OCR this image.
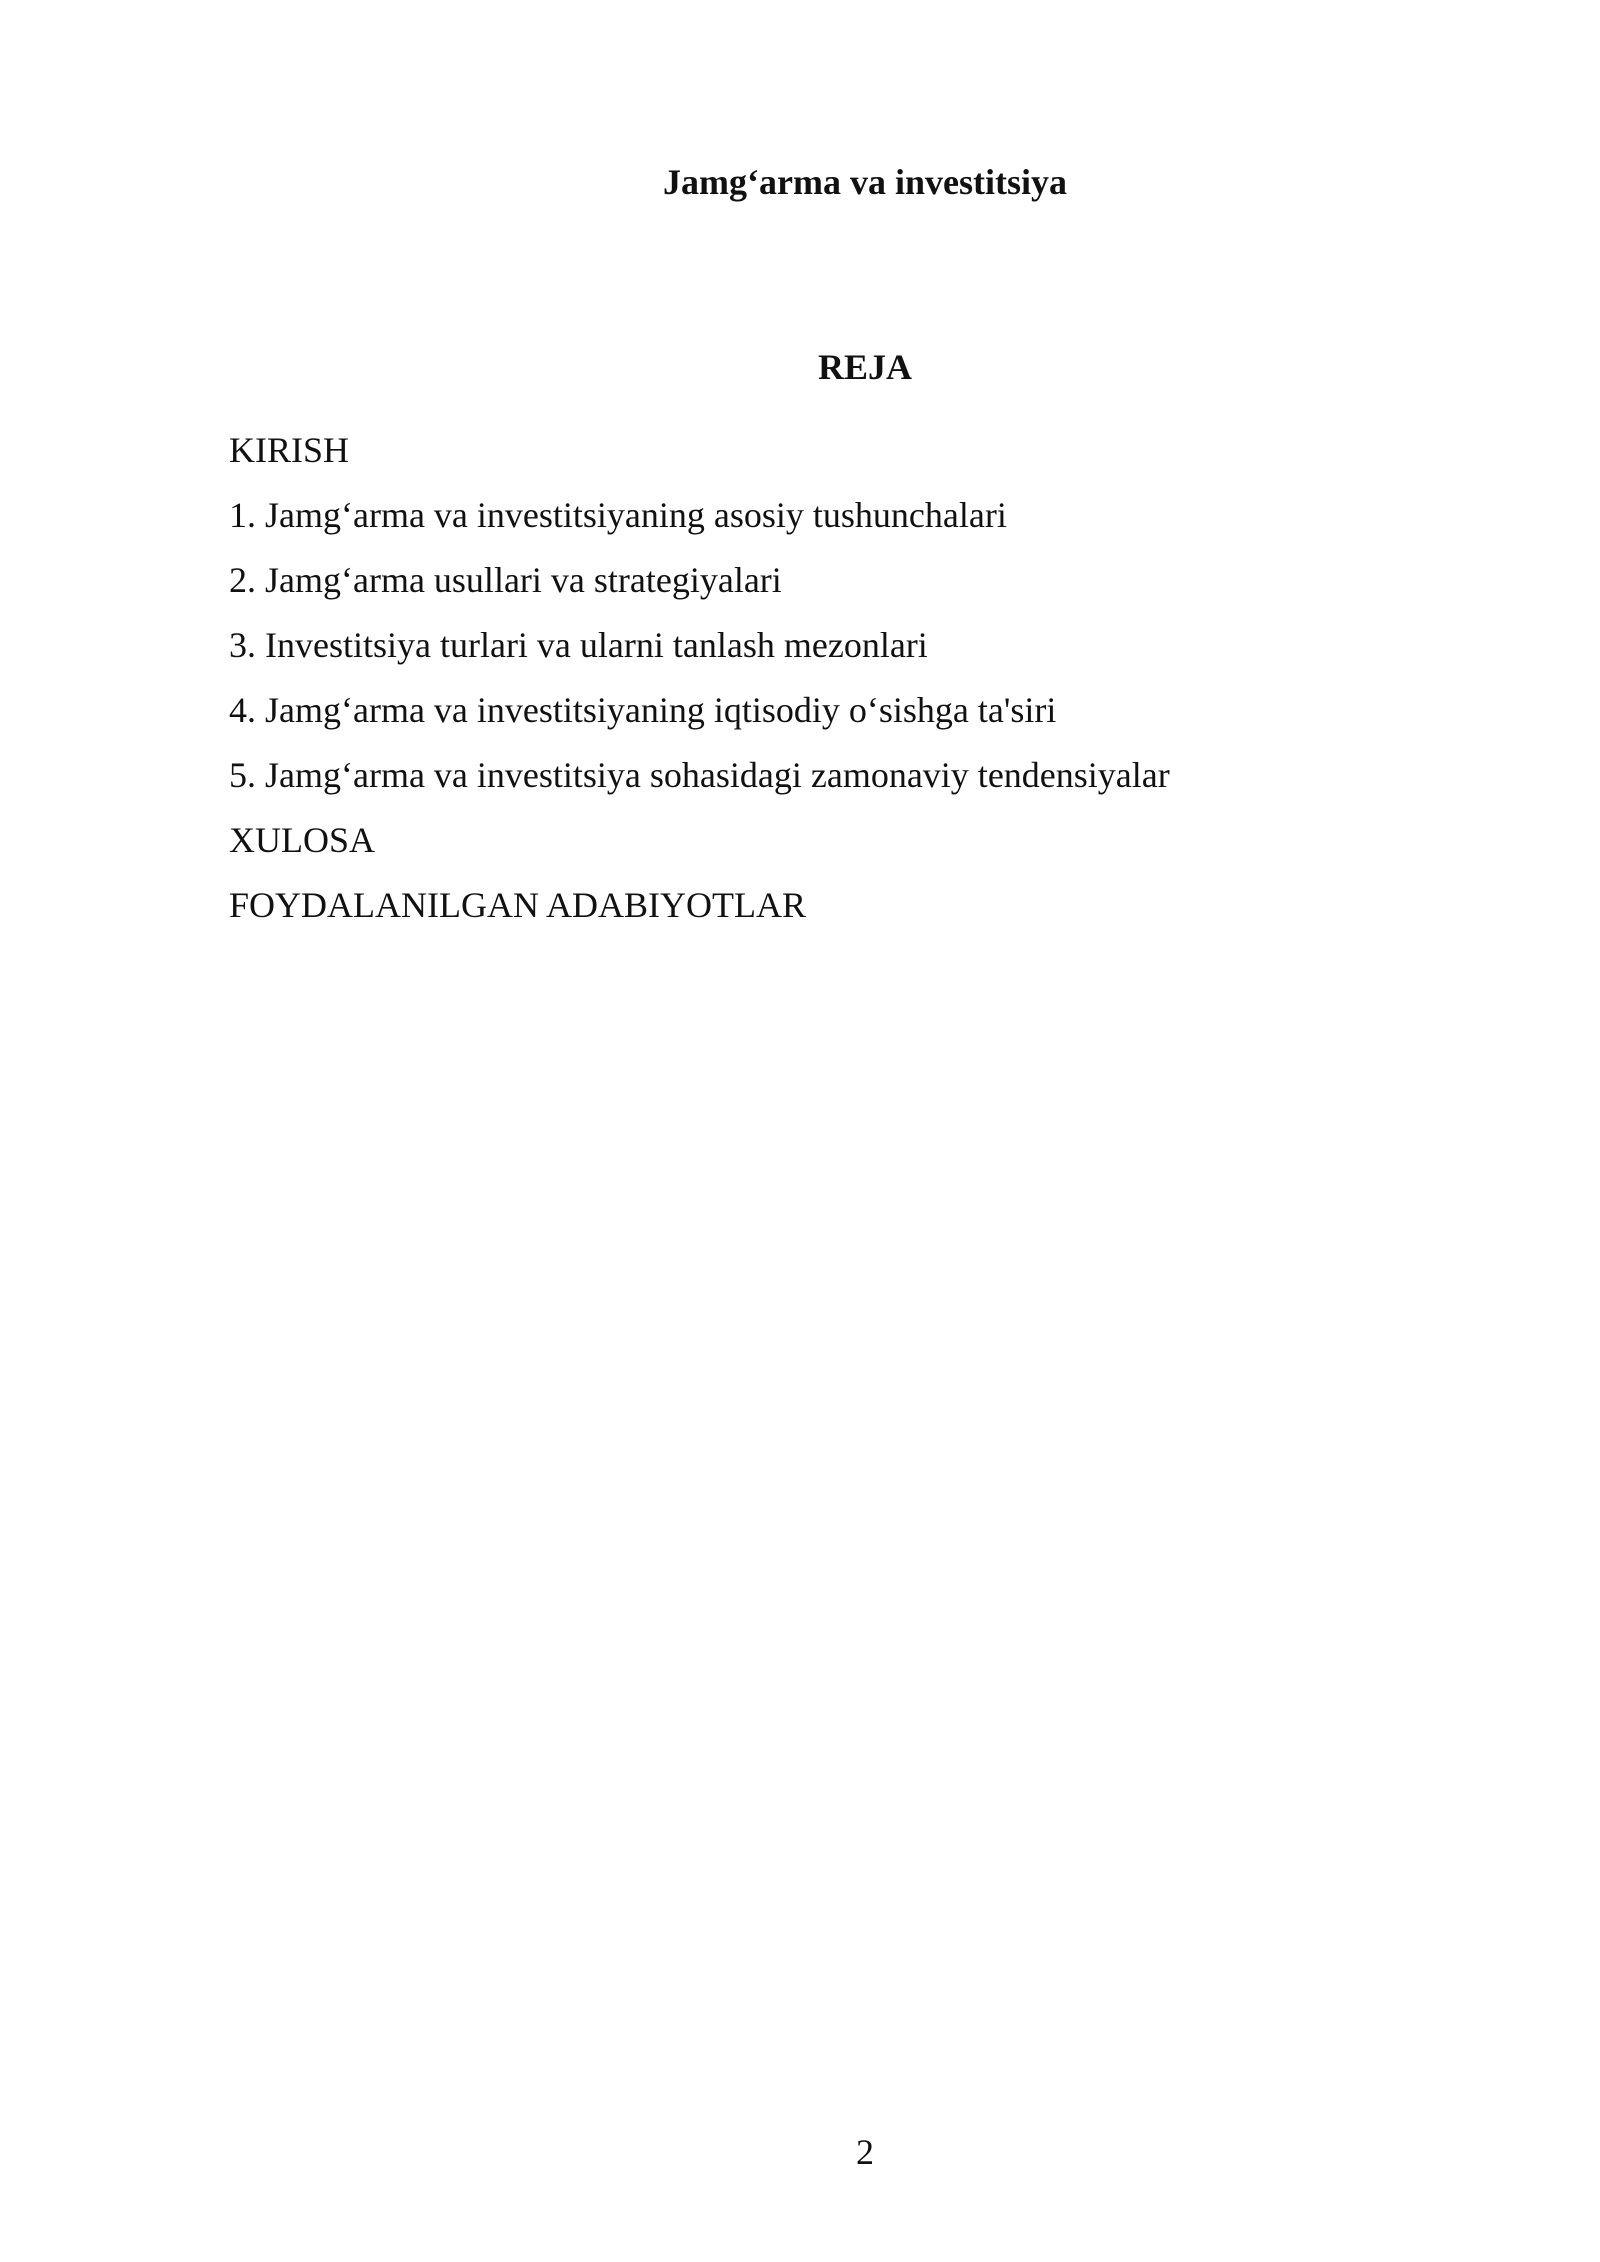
Jamg‘arma va investitsiya
REJA
KIRISH
1. Jamg‘arma va investitsiyaning asosiy tushunchalari
2. Jamg‘arma usullari va strategiyalari
3. Investitsiya turlari va ularni tanlash mezonlari
4. Jamg‘arma va investitsiyaning iqtisodiy o‘sishga ta'siri
5. Jamg‘arma va investitsiya sohasidagi zamonaviy tendensiyalar
XULOSA
FOYDALANILGAN ADABIYOTLAR
2
